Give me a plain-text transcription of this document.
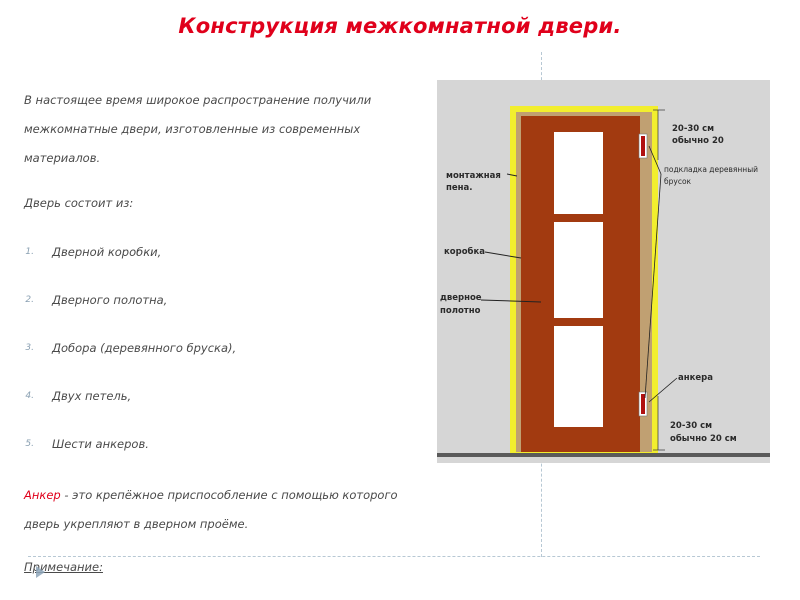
Конструкция межкомнатной двери.
В настоящее время широкое распространение получили
межкомнатные двери, изготовленные из современных
материалов.
Дверь состоит из:
1. Дверной коробки,
2. Дверного полотна,
3. Добора (деревянного бруска),
4. Двух петель,
5. Шести анкеров.
Анкер - это крепёжное приспособление с помощью которого
дверь укрепляют в дверном проёме.
Примечание:
20-30 см
обычно 20
монтажная
пена.
подкладка деревянный
брусок
коробка
дверное
полотно
анкера
20-30 см
обычно 20 см
